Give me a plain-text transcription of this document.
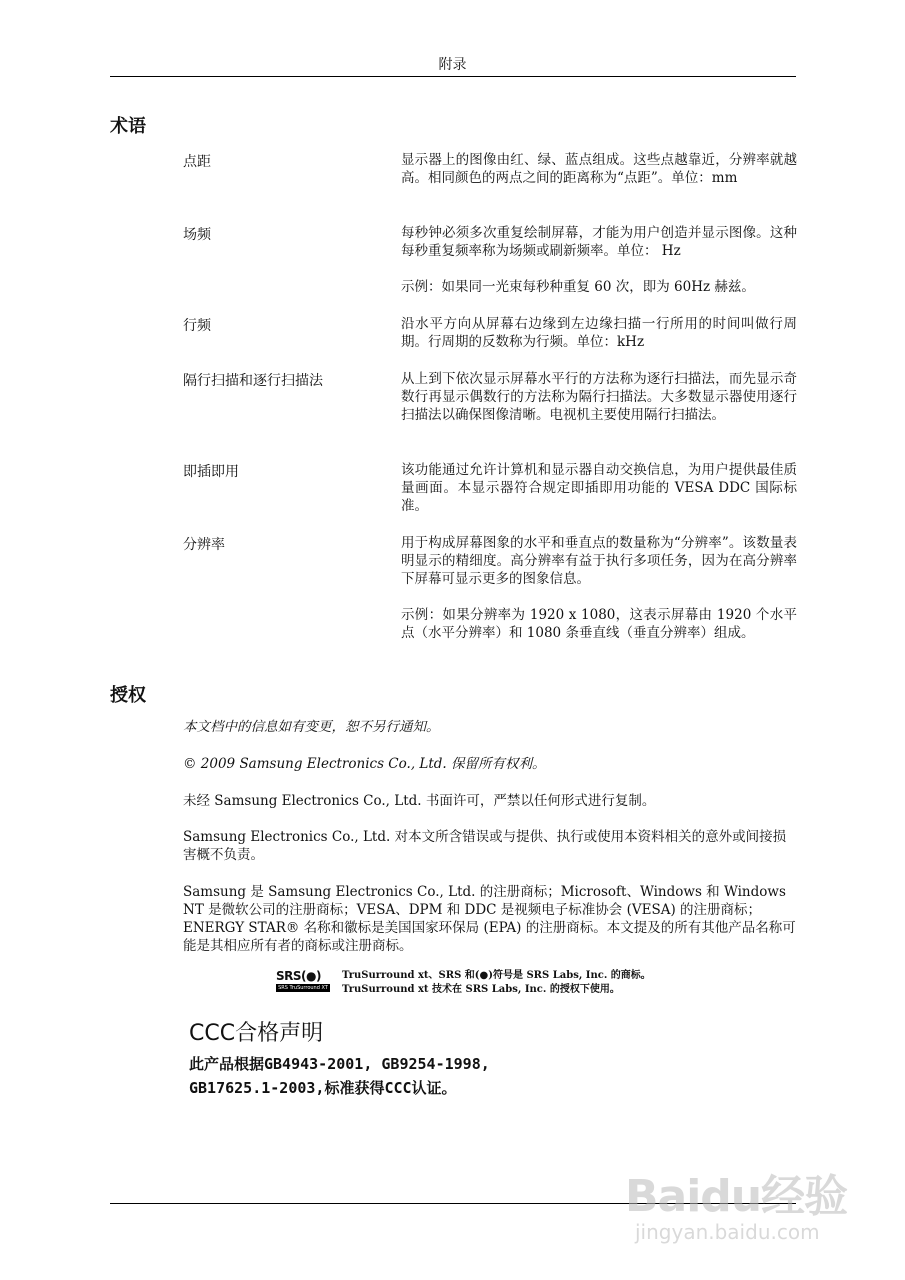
附录
术语
点距	显示器上的图像由红、绿、蓝点组成。这些点越靠近，分辨率就越高。相同颜色的两点之间的距离称为“点距”。单位：mm
场频	每秒钟必须多次重复绘制屏幕，才能为用户创造并显示图像。这种每秒重复频率称为场频或刷新频率。单位： Hz
示例：如果同一光束每秒种重复 60 次，即为 60Hz 赫兹。
行频	沿水平方向从屏幕右边缘到左边缘扫描一行所用的时间叫做行周期。行周期的反数称为行频。单位：kHz
隔行扫描和逐行扫描法	从上到下依次显示屏幕水平行的方法称为逐行扫描法，而先显示奇数行再显示偶数行的方法称为隔行扫描法。大多数显示器使用逐行扫描法以确保图像清晰。电视机主要使用隔行扫描法。
即插即用	该功能通过允许计算机和显示器自动交换信息，为用户提供最佳质量画面。本显示器符合规定即插即用功能的 VESA DDC 国际标准。
分辨率	用于构成屏幕图象的水平和垂直点的数量称为“分辨率”。该数量表明显示的精细度。高分辨率有益于执行多项任务，因为在高分辨率下屏幕可显示更多的图象信息。
示例：如果分辨率为 1920 x 1080，这表示屏幕由 1920 个水平点（水平分辨率）和 1080 条垂直线（垂直分辨率）组成。
授权
本文档中的信息如有变更，恕不另行通知。
© 2009 Samsung Electronics Co., Ltd. 保留所有权利。
未经 Samsung Electronics Co., Ltd. 书面许可，严禁以任何形式进行复制。
Samsung Electronics Co., Ltd. 对本文所含错误或与提供、执行或使用本资料相关的意外或间接损害概不负责。
Samsung 是 Samsung Electronics Co., Ltd. 的注册商标；Microsoft、Windows 和 Windows NT 是微软公司的注册商标；VESA、DPM 和 DDC 是视频电子标准协会 (VESA) 的注册商标；ENERGY STAR® 名称和徽标是美国国家环保局 (EPA) 的注册商标。本文提及的所有其他产品名称可能是其相应所有者的商标或注册商标。
SRS(●)
SRS TruSurround XT
TruSurround xt、SRS 和(●)符号是 SRS Labs, Inc. 的商标。
TruSurround xt 技术在 SRS Labs, Inc. 的授权下使用。
CCC合格声明
此产品根据GB4943-2001, GB9254-1998,
GB17625.1-2003,标准获得CCC认证。
Baidu经验
jingyan.baidu.com
